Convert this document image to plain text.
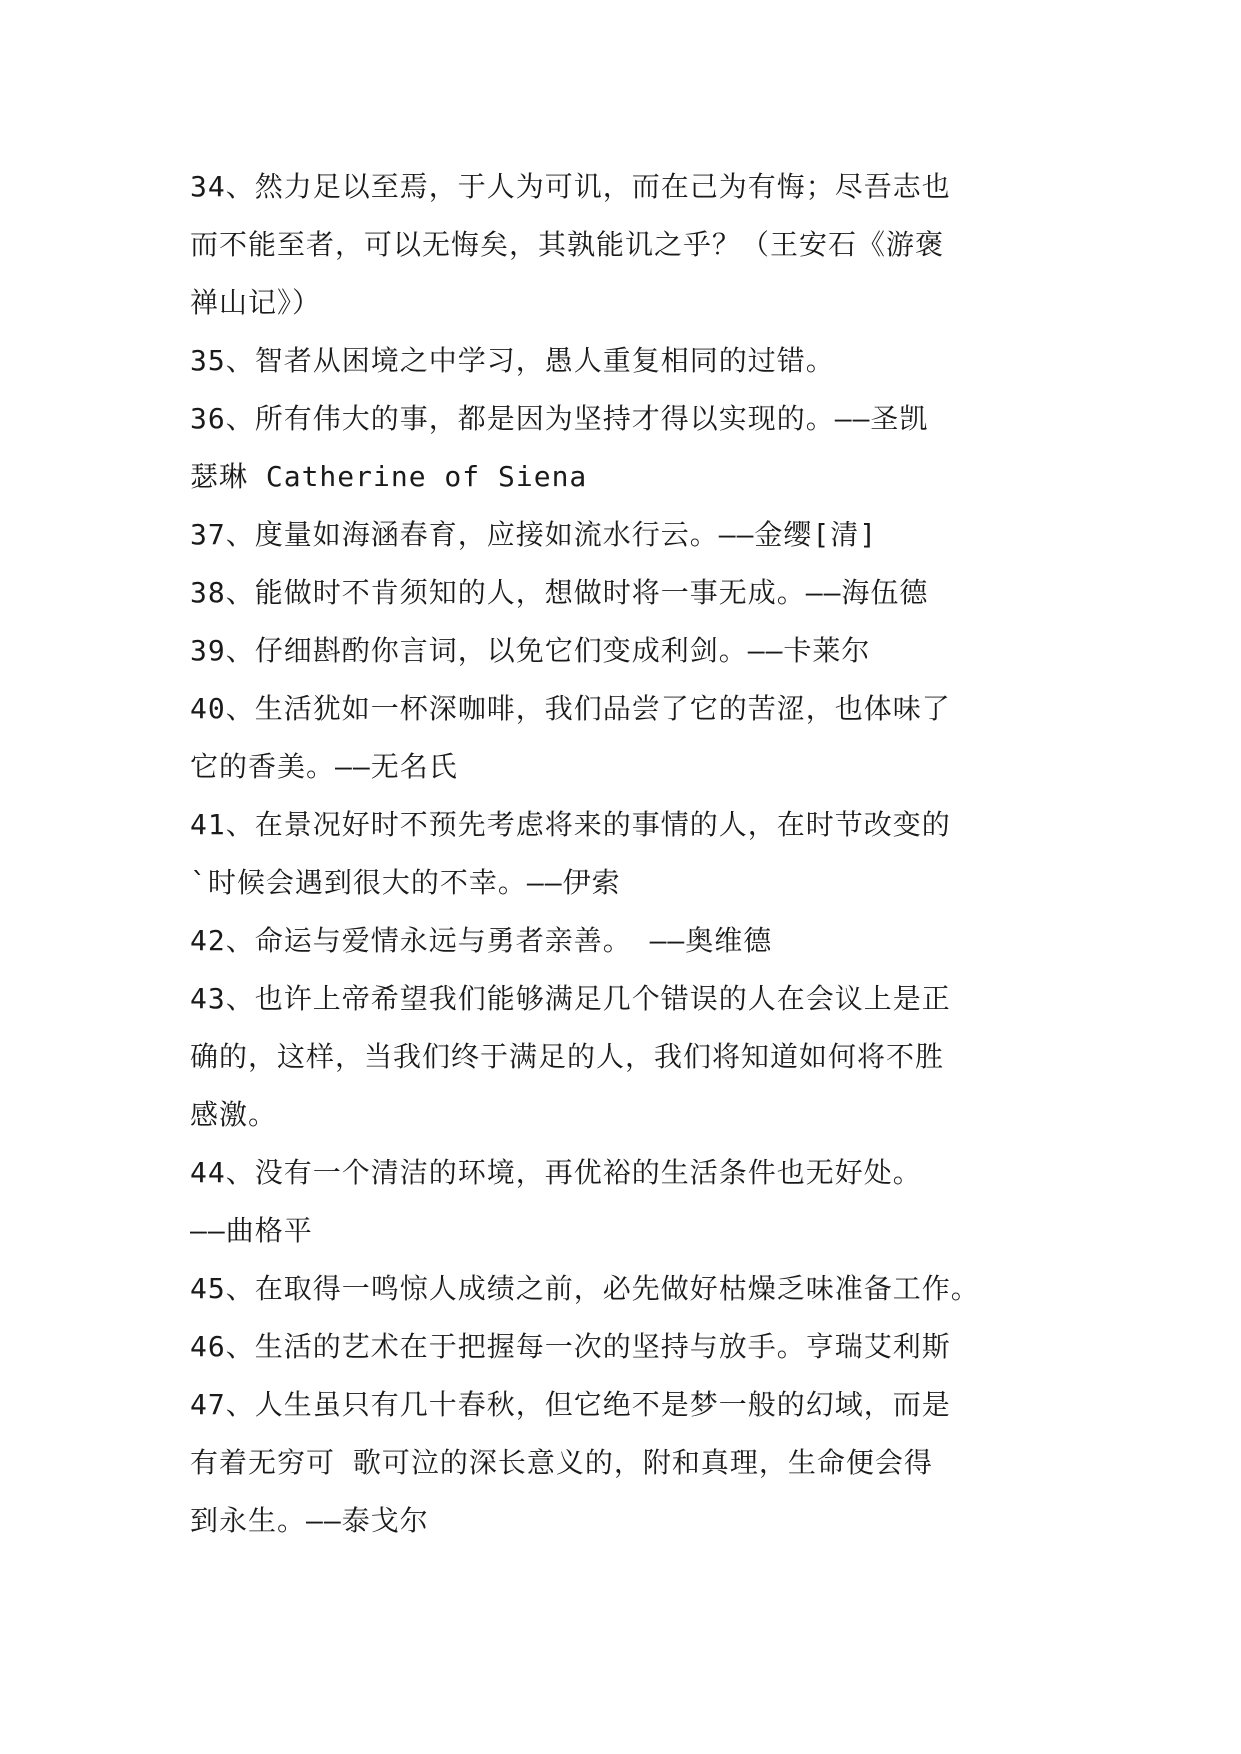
34、然力足以至焉，于人为可讥，而在己为有悔；尽吾志也
而不能至者，可以无悔矣，其孰能讥之乎？（王安石《游褒
禅山记》）
35、智者从困境之中学习，愚人重复相同的过错。
36、所有伟大的事，都是因为坚持才得以实现的。——圣凯
瑟琳 Catherine of Siena
37、度量如海涵春育，应接如流水行云。——金缨[清]
38、能做时不肯须知的人，想做时将一事无成。——海伍德
39、仔细斟酌你言词，以免它们变成利剑。——卡莱尔
40、生活犹如一杯深咖啡，我们品尝了它的苦涩，也体味了
它的香美。——无名氏
41、在景况好时不预先考虑将来的事情的人，在时节改变的
`时候会遇到很大的不幸。——伊索
42、命运与爱情永远与勇者亲善。 ——奥维德
43、也许上帝希望我们能够满足几个错误的人在会议上是正
确的，这样，当我们终于满足的人，我们将知道如何将不胜
感激。
44、没有一个清洁的环境，再优裕的生活条件也无好处。
——曲格平
45、在取得一鸣惊人成绩之前，必先做好枯燥乏味准备工作。
46、生活的艺术在于把握每一次的坚持与放手。亨瑞艾利斯
47、人生虽只有几十春秋，但它绝不是梦一般的幻域，而是
有着无穷可 歌可泣的深长意义的，附和真理，生命便会得
到永生。——泰戈尔
